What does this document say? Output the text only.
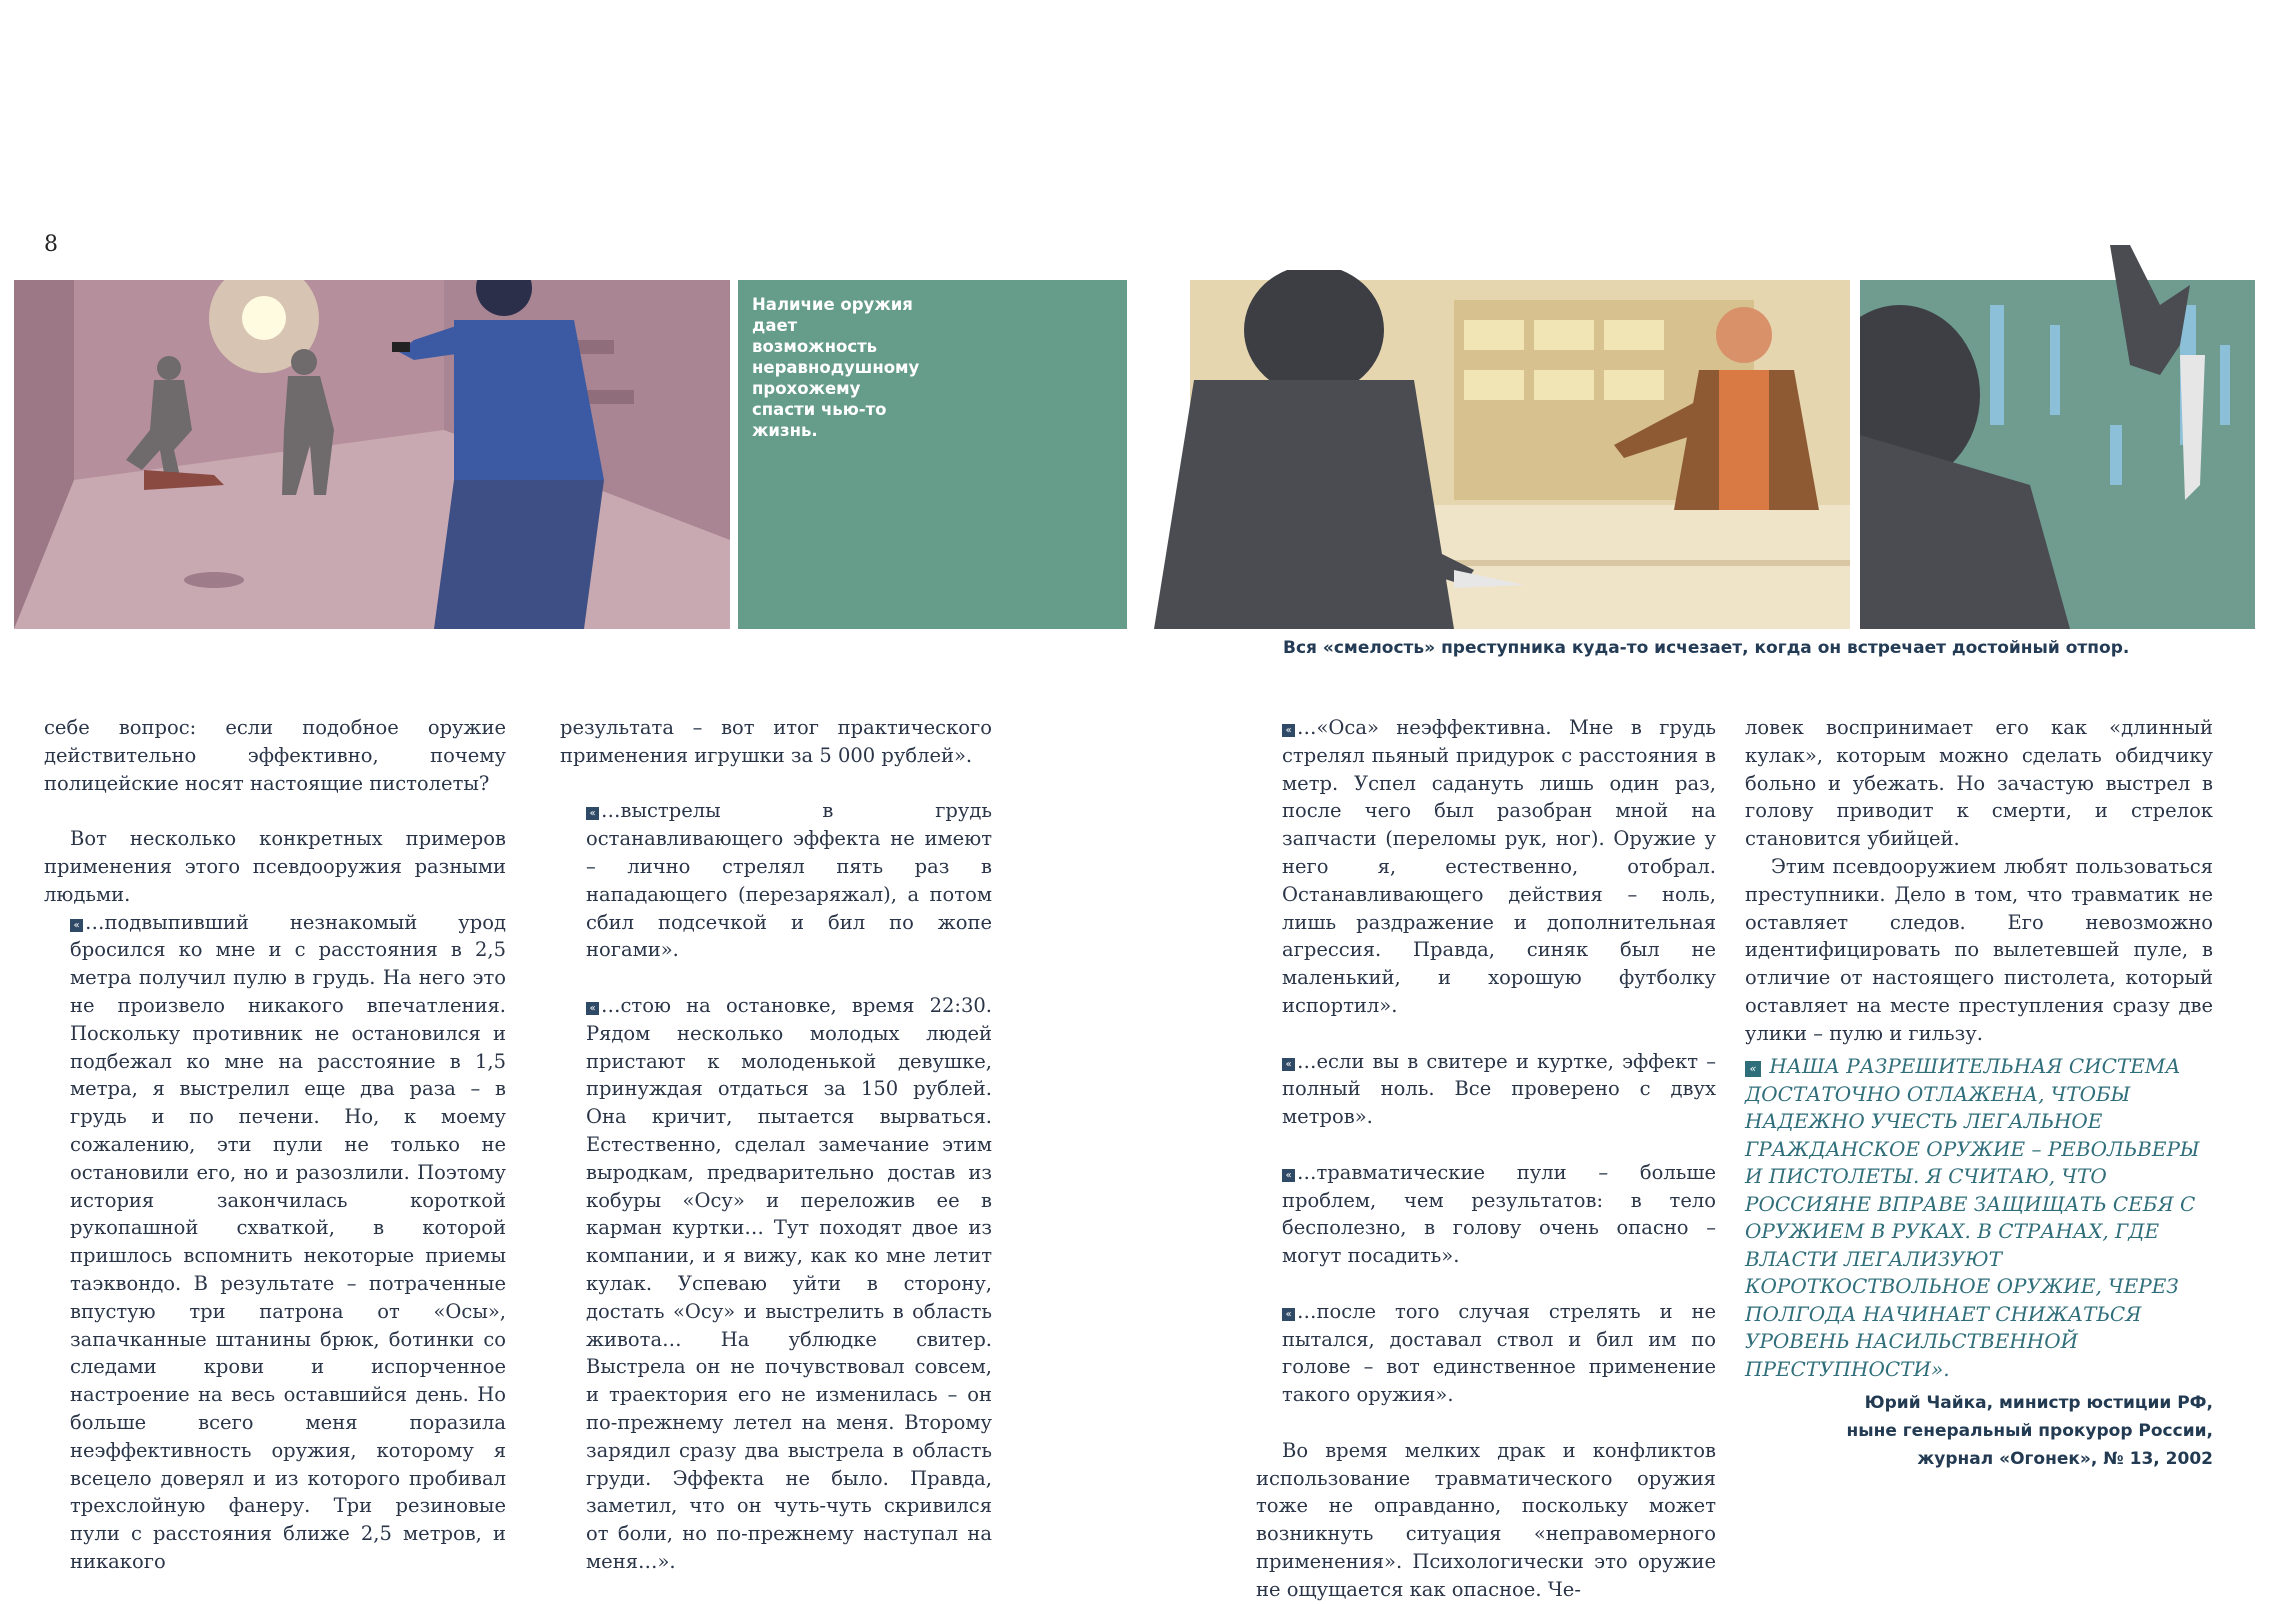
8
Наличие оружия дает возможность неравнодушному прохожему спасти чью-то жизнь.
Вся «смелость» преступника куда-то исчезает, когда он встречает достойный отпор.

себе вопрос: если подобное оружие действительно эффективно, почему полицейские носят настоящие пистолеты?

Вот несколько конкретных примеров применения этого псевдооружия разными людьми.

« …подвыпивший незнакомый урод бросился ко мне и с расстояния в 2,5 метра получил пулю в грудь. На него это не произвело никакого впечатления. Поскольку противник не остановился и подбежал ко мне на расстояние в 1,5 метра, я выстрелил еще два раза – в грудь и по печени. Но, к моему сожалению, эти пули не только не остановили его, но и разозлили. Поэтому история закончилась короткой рукопашной схваткой, в которой пришлось вспомнить некоторые приемы таэквондо. В результате – потраченные впустую три патрона от «Осы», запачканные штанины брюк, ботинки со следами крови и испорченное настроение на весь оставшийся день. Но больше всего меня поразила неэффективность оружия, которому я всецело доверял и из которого пробивал трехслойную фанеру. Три резиновые пули с расстояния ближе 2,5 метров, и никакого

результата – вот итог практического применения игрушки за 5 000 рублей».

« …выстрелы в грудь останавливающего эффекта не имеют – лично стрелял пять раз в нападающего (перезаряжал), а потом сбил подсечкой и бил по жопе ногами».

« …стою на остановке, время 22:30. Рядом несколько молодых людей пристают к молоденькой девушке, принуждая отдаться за 150 рублей. Она кричит, пытается вырваться. Естественно, сделал замечание этим выродкам, предварительно достав из кобуры «Осу» и переложив ее в карман куртки… Тут походят двое из компании, и я вижу, как ко мне летит кулак. Успеваю уйти в сторону, достать «Осу» и выстрелить в область живота… На ублюдке свитер. Выстрела он не почувствовал совсем, и траектория его не изменилась – он по-прежнему летел на меня. Второму зарядил сразу два выстрела в область груди. Эффекта не было. Правда, заметил, что он чуть-чуть скривился от боли, но по-прежнему наступал на меня…».

« …«Оса» неэффективна. Мне в грудь стрелял пьяный придурок с расстояния в метр. Успел садануть лишь один раз, после чего был разобран мной на запчасти (переломы рук, ног). Оружие у него я, естественно, отобрал. Останавливающего действия – ноль, лишь раздражение и дополнительная агрессия. Правда, синяк был не маленький, и хорошую футболку испортил».

« …если вы в свитере и куртке, эффект – полный ноль. Все проверено с двух метров».

« …травматические пули – больше проблем, чем результатов: в тело бесполезно, в голову очень опасно – могут посадить».

« …после того случая стрелять и не пытался, доставал ствол и бил им по голове – вот единственное применение такого оружия».

Во время мелких драк и конфликтов использование травматического оружия тоже не оправданно, поскольку может возникнуть ситуация «неправомерного применения». Психологически это оружие не ощущается как опасное. Че-

ловек воспринимает его как «длинный кулак», которым можно сделать обидчику больно и убежать. Но зачастую выстрел в голову приводит к смерти, и стрелок становится убийцей.

Этим псевдооружием любят пользоваться преступники. Дело в том, что травматик не оставляет следов. Его невозможно идентифицировать по вылетевшей пуле, в отличие от настоящего пистолета, который оставляет на месте преступления сразу две улики – пулю и гильзу.

« НАША РАЗРЕШИТЕЛЬНАЯ СИСТЕМА ДОСТАТОЧНО ОТЛАЖЕНА, ЧТОБЫ НАДЕЖНО УЧЕСТЬ ЛЕГАЛЬНОЕ ГРАЖДАНСКОЕ ОРУЖИЕ – РЕВОЛЬВЕРЫ И ПИСТОЛЕТЫ. Я СЧИТАЮ, ЧТО РОССИЯНЕ ВПРАВЕ ЗАЩИЩАТЬ СЕБЯ С ОРУЖИЕМ В РУКАХ. В СТРАНАХ, ГДЕ ВЛАСТИ ЛЕГАЛИЗУЮТ КОРОТКОСТВОЛЬНОЕ ОРУЖИЕ, ЧЕРЕЗ ПОЛГОДА НАЧИНАЕТ СНИЖАТЬСЯ УРОВЕНЬ НАСИЛЬСТВЕННОЙ ПРЕСТУПНОСТИ».

Юрий Чайка, министр юстиции РФ,
ныне генеральный прокурор России,
журнал «Огонек», № 13, 2002
